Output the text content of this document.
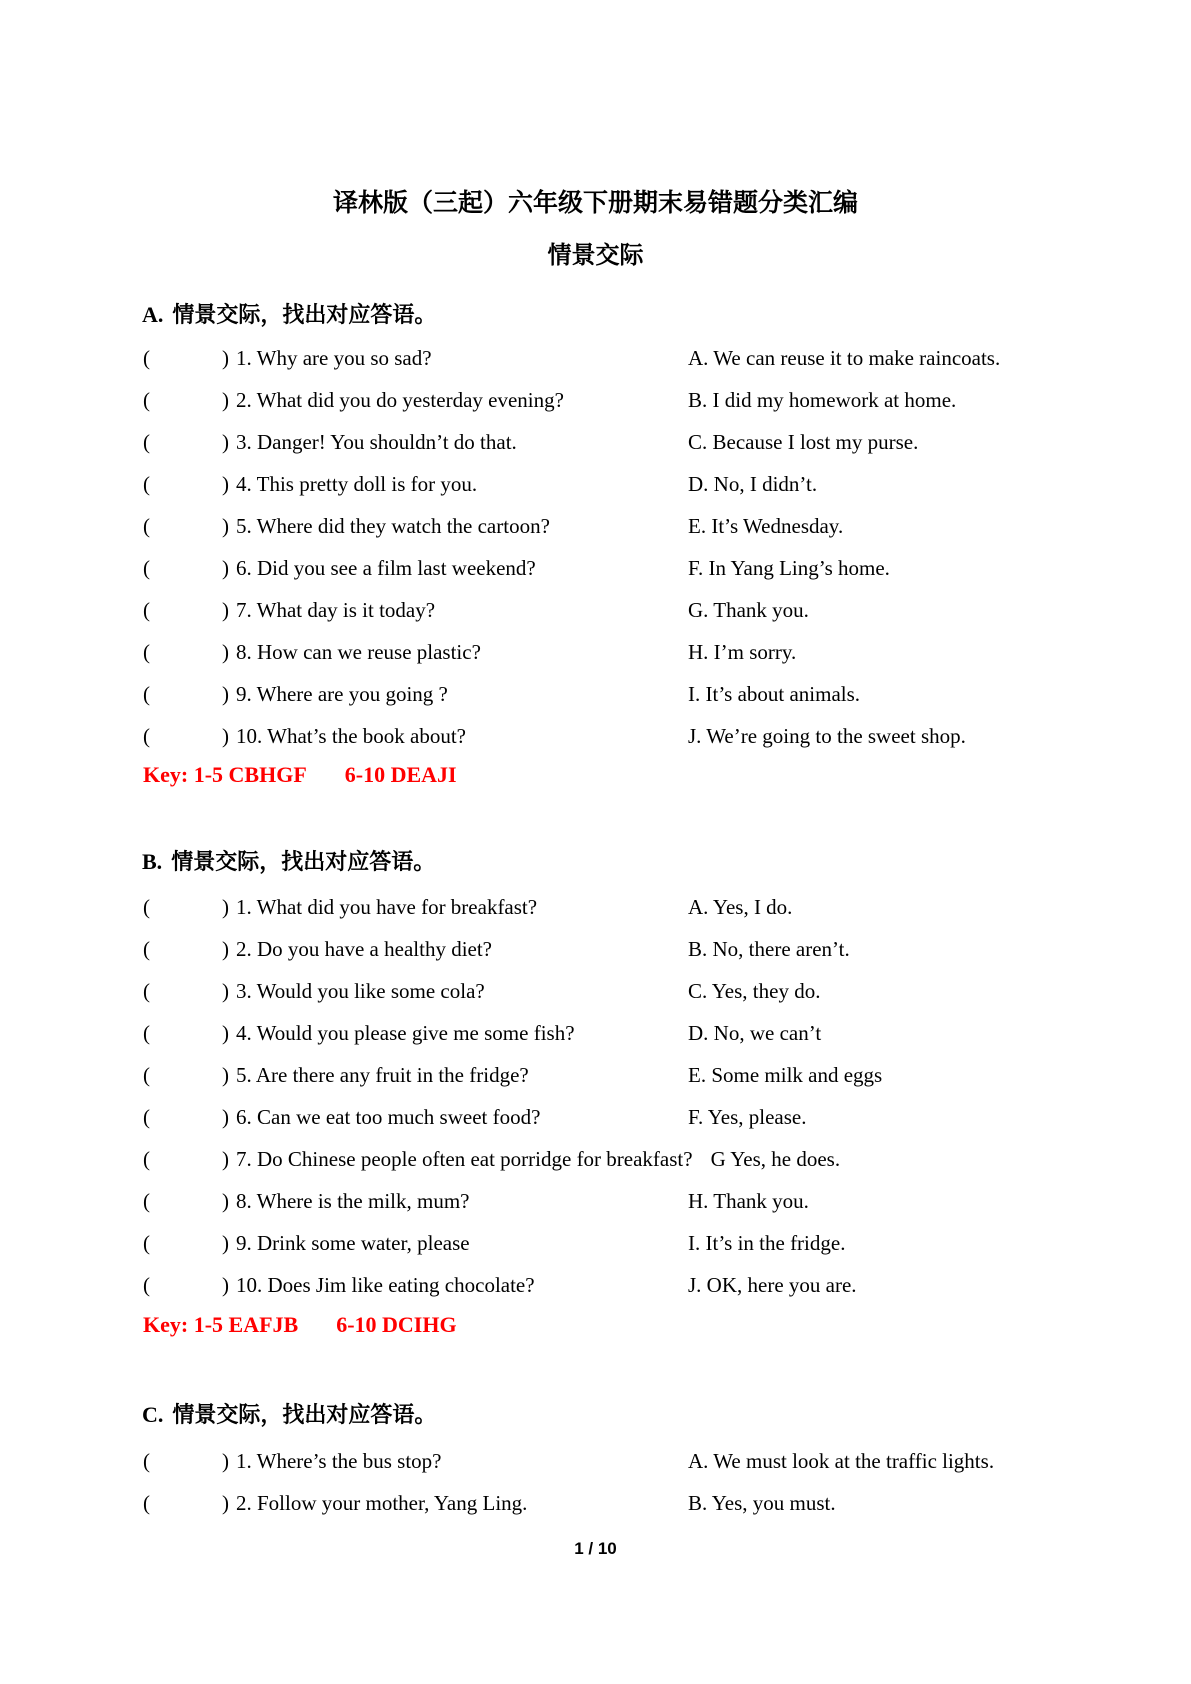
译林版（三起）六年级下册期末易错题分类汇编
情景交际
A. 情景交际，找出对应答语。
(	) 1. Why are you so sad?	A. We can reuse it to make raincoats.
(	) 2. What did you do yesterday evening?	B. I did my homework at home.
(	) 3. Danger! You shouldn’t do that.	C. Because I lost my purse.
(	) 4. This pretty doll is for you.	D. No, I didn’t.
(	) 5. Where did they watch the cartoon?	E. It’s Wednesday.
(	) 6. Did you see a film last weekend?	F. In Yang Ling’s home.
(	) 7. What day is it today?	G. Thank you.
(	) 8. How can we reuse plastic?	H. I’m sorry.
(	) 9. Where are you going ?	I. It’s about animals.
(	) 10. What’s the book about?	J. We’re going to the sweet shop.
Key: 1-5 CBHGF 6-10 DEAJI
B. 情景交际，找出对应答语。
(	) 1. What did you have for breakfast?	A. Yes, I do.
(	) 2. Do you have a healthy diet?	B. No, there aren’t.
(	) 3. Would you like some cola?	C. Yes, they do.
(	) 4. Would you please give me some fish?	D. No, we can’t
(	) 5. Are there any fruit in the fridge?	E. Some milk and eggs
(	) 6. Can we eat too much sweet food?	F. Yes, please.
(	) 7. Do Chinese people often eat porridge for breakfast? G Yes, he does.
(	) 8. Where is the milk, mum?	H. Thank you.
(	) 9. Drink some water, please	I. It’s in the fridge.
(	) 10. Does Jim like eating chocolate?	J. OK, here you are.
Key: 1-5 EAFJB 6-10 DCIHG
C. 情景交际，找出对应答语。
(	) 1. Where’s the bus stop?	A. We must look at the traffic lights.
(	) 2. Follow your mother, Yang Ling.	B. Yes, you must.
1 / 10
